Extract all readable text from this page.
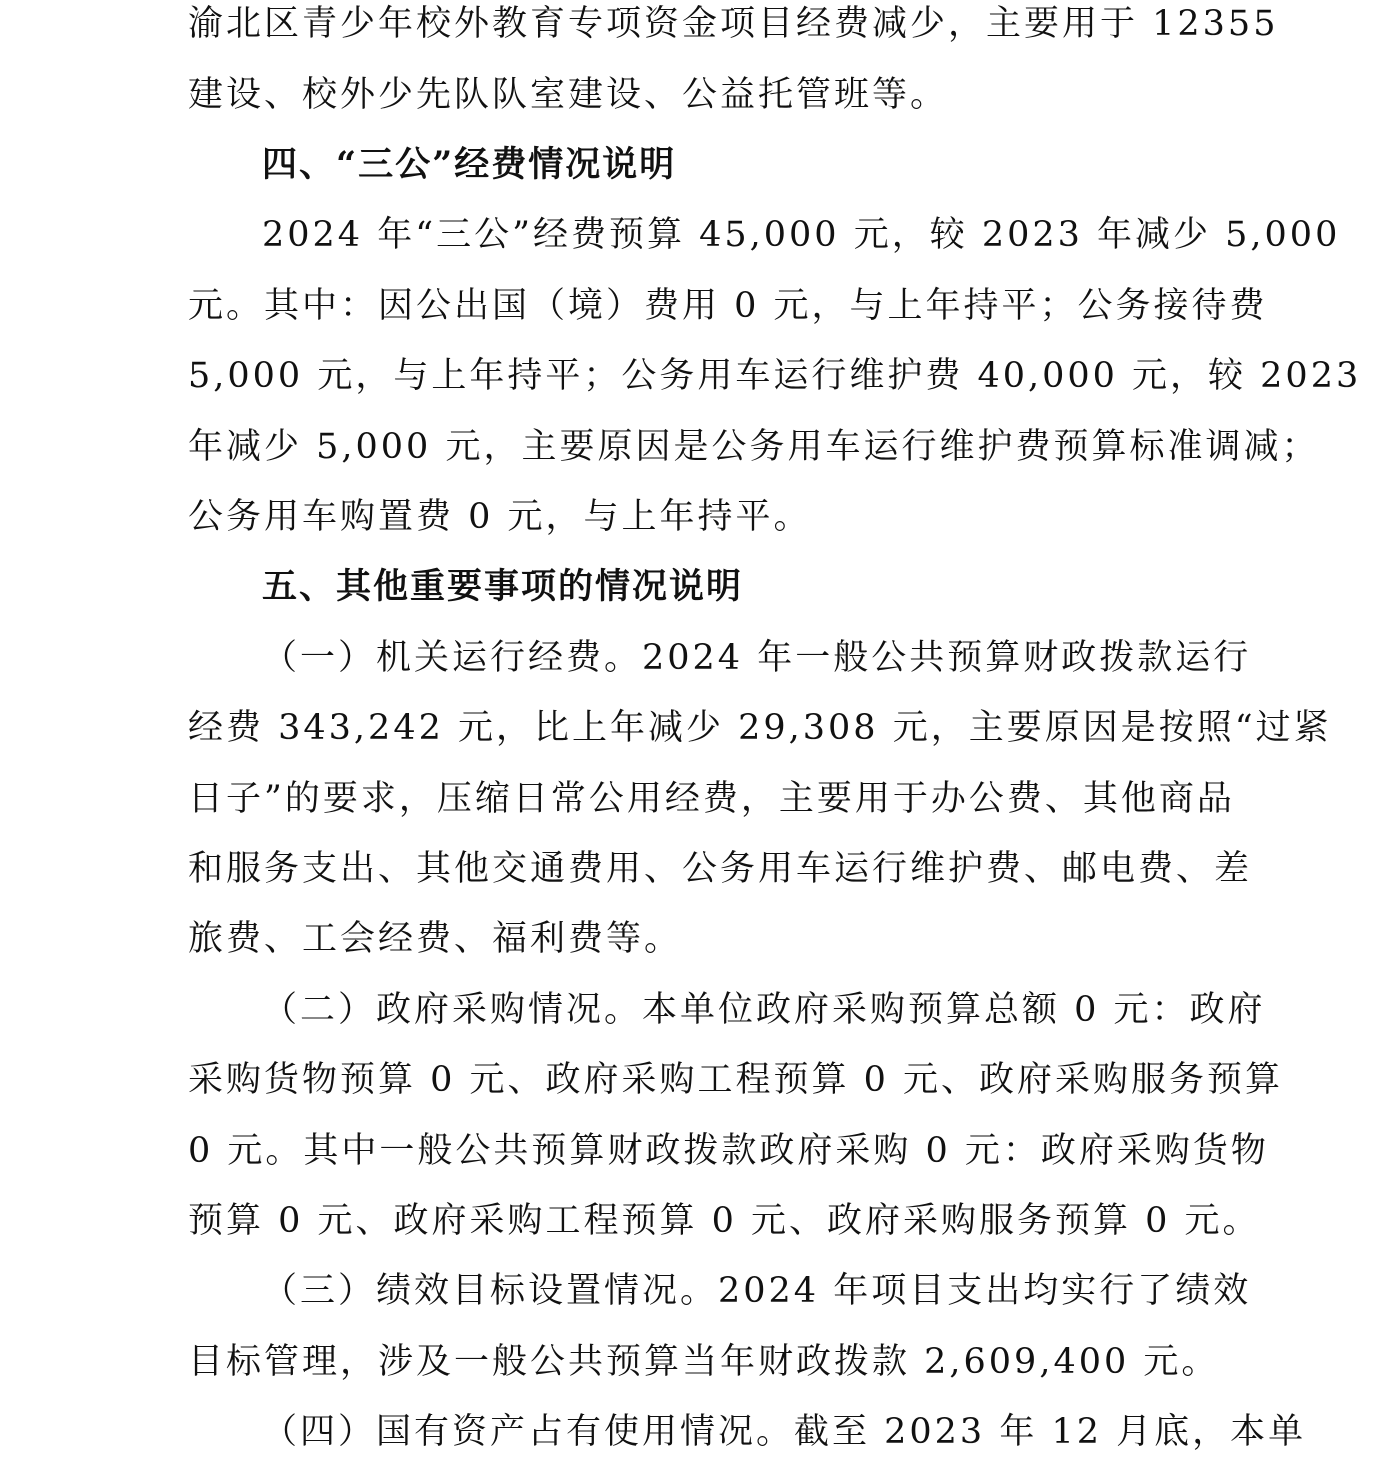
渝北区青少年校外教育专项资金项目经费减少，主要用于 12355
建设、校外少先队队室建设、公益托管班等。
四、“三公”经费情况说明
2024 年“三公”经费预算 45,000 元，较 2023 年减少 5,000
元。其中：因公出国（境）费用 0 元，与上年持平；公务接待费
5,000 元，与上年持平；公务用车运行维护费 40,000 元，较 2023
年减少 5,000 元，主要原因是公务用车运行维护费预算标准调减；
公务用车购置费 0 元，与上年持平。
五、其他重要事项的情况说明
（一）机关运行经费。2024 年一般公共预算财政拨款运行
经费 343,242 元，比上年减少 29,308 元，主要原因是按照“过紧
日子”的要求，压缩日常公用经费，主要用于办公费、其他商品
和服务支出、其他交通费用、公务用车运行维护费、邮电费、差
旅费、工会经费、福利费等。
（二）政府采购情况。本单位政府采购预算总额 0 元：政府
采购货物预算 0 元、政府采购工程预算 0 元、政府采购服务预算
0 元。其中一般公共预算财政拨款政府采购 0 元：政府采购货物
预算 0 元、政府采购工程预算 0 元、政府采购服务预算 0 元。
（三）绩效目标设置情况。2024 年项目支出均实行了绩效
目标管理，涉及一般公共预算当年财政拨款 2,609,400 元。
（四）国有资产占有使用情况。截至 2023 年 12 月底，本单
